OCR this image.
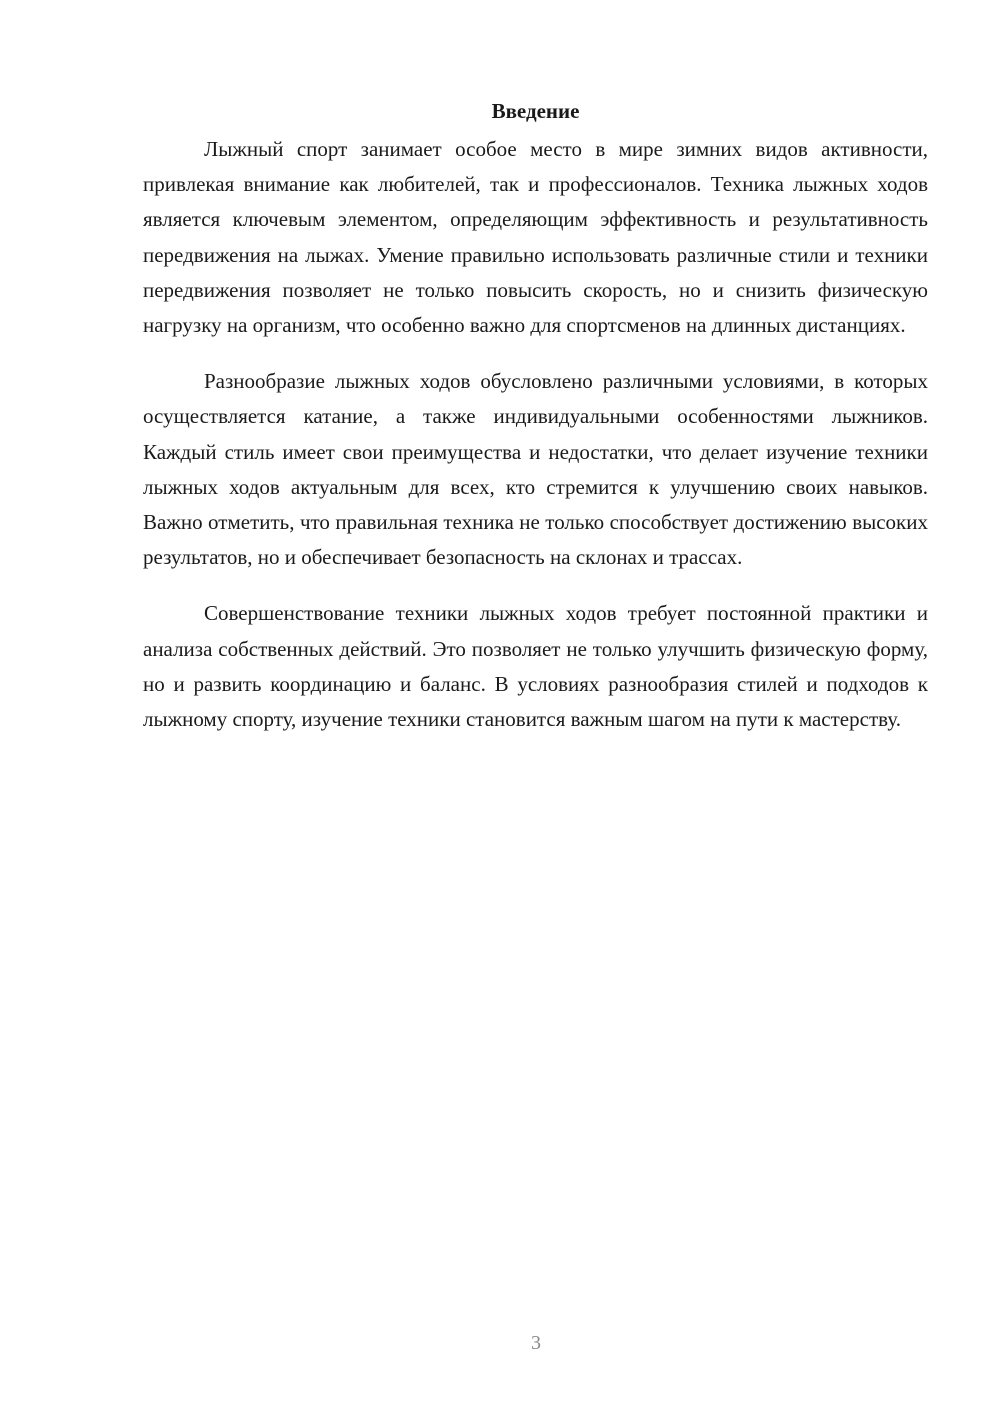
Введение

Лыжный спорт занимает особое место в мире зимних видов активности, привлекая внимание как любителей, так и профессионалов. Техника лыжных ходов является ключевым элементом, определяющим эффективность и результативность передвижения на лыжах. Умение правильно использовать различные стили и техники передвижения позволяет не только повысить скорость, но и снизить физическую нагрузку на организм, что особенно важно для спортсменов на длинных дистанциях.

Разнообразие лыжных ходов обусловлено различными условиями, в которых осуществляется катание, а также индивидуальными особенностями лыжников. Каждый стиль имеет свои преимущества и недостатки, что делает изучение техники лыжных ходов актуальным для всех, кто стремится к улучшению своих навыков. Важно отметить, что правильная техника не только способствует достижению высоких результатов, но и обеспечивает безопасность на склонах и трассах.

Совершенствование техники лыжных ходов требует постоянной практики и анализа собственных действий. Это позволяет не только улучшить физическую форму, но и развить координацию и баланс. В условиях разнообразия стилей и подходов к лыжному спорту, изучение техники становится важным шагом на пути к мастерству.

3
